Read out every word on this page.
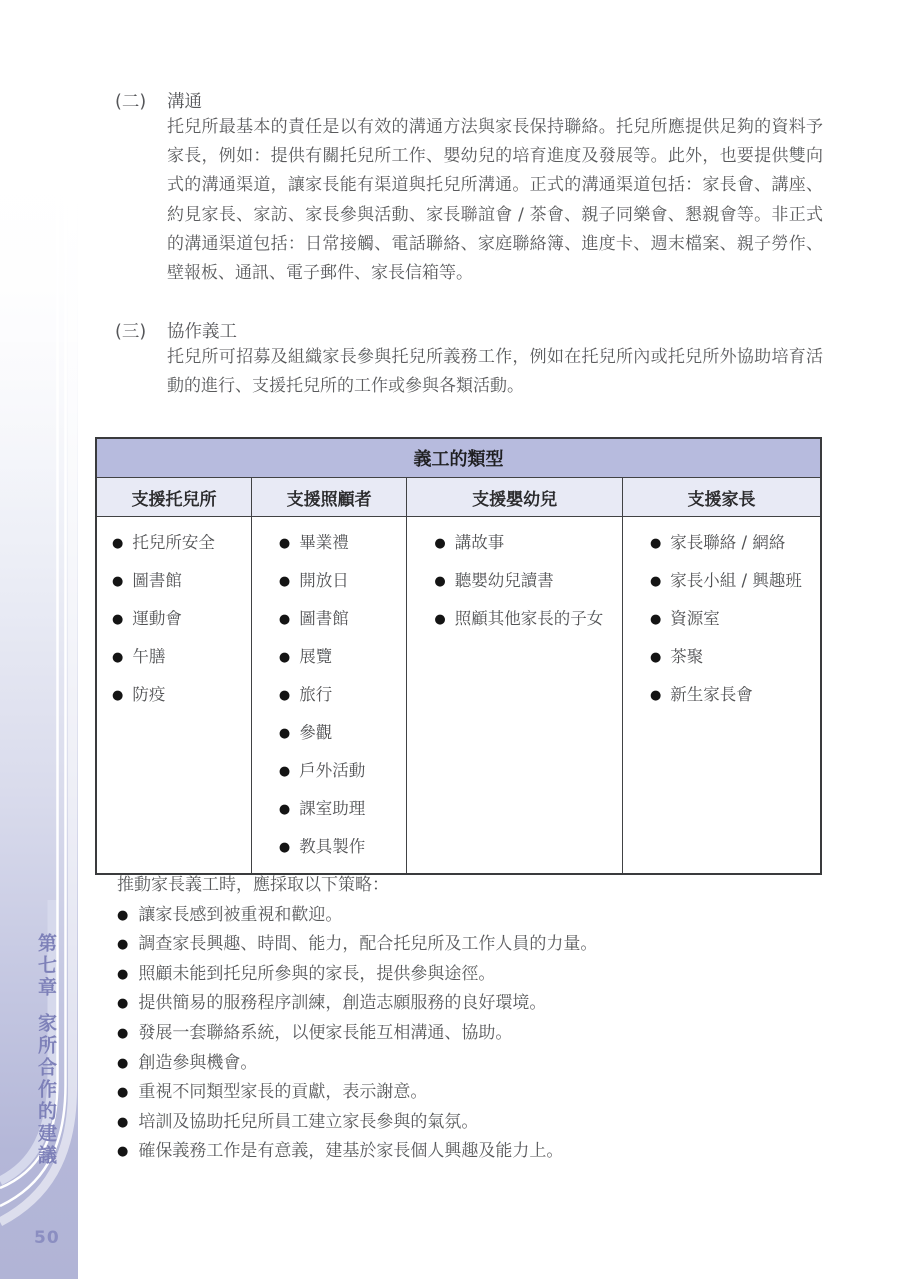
第七章家所合作的建議
50
(二)	溝通
托兒所最基本的責任是以有效的溝通方法與家長保持聯絡。托兒所應提供足夠的資料予家長，例如：提供有關托兒所工作、嬰幼兒的培育進度及發展等。此外，也要提供雙向式的溝通渠道，讓家長能有渠道與托兒所溝通。正式的溝通渠道包括：家長會、講座、約見家長、家訪、家長參與活動、家長聯誼會 / 茶會、親子同樂會、懇親會等。非正式的溝通渠道包括：日常接觸、電話聯絡、家庭聯絡簿、進度卡、週末檔案、親子勞作、壁報板、通訊、電子郵件、家長信箱等。
(三)	協作義工
托兒所可招募及組織家長參與托兒所義務工作，例如在托兒所內或托兒所外協助培育活動的進行、支援托兒所的工作或參與各類活動。
義工的類型			
支援托兒所	支援照顧者	支援嬰幼兒	支援家長

● 托兒所安全
● 圖書館
● 運動會
● 午膳
● 防疫

● 畢業禮
● 開放日
● 圖書館
● 展覽
● 旅行
● 參觀
● 戶外活動
● 課室助理
● 教具製作

● 講故事
● 聽嬰幼兒讀書
● 照顧其他家長的子女

● 家長聯絡 / 網絡
● 家長小組 / 興趣班
● 資源室
● 茶聚
● 新生家長會
推動家長義工時，應採取以下策略：
● 讓家長感到被重視和歡迎。
● 調查家長興趣、時間、能力，配合托兒所及工作人員的力量。
● 照顧未能到托兒所參與的家長，提供參與途徑。
● 提供簡易的服務程序訓練，創造志願服務的良好環境。
● 發展一套聯絡系統，以便家長能互相溝通、協助。
● 創造參與機會。
● 重視不同類型家長的貢獻，表示謝意。
● 培訓及協助托兒所員工建立家長參與的氣氛。
● 確保義務工作是有意義，建基於家長個人興趣及能力上。
